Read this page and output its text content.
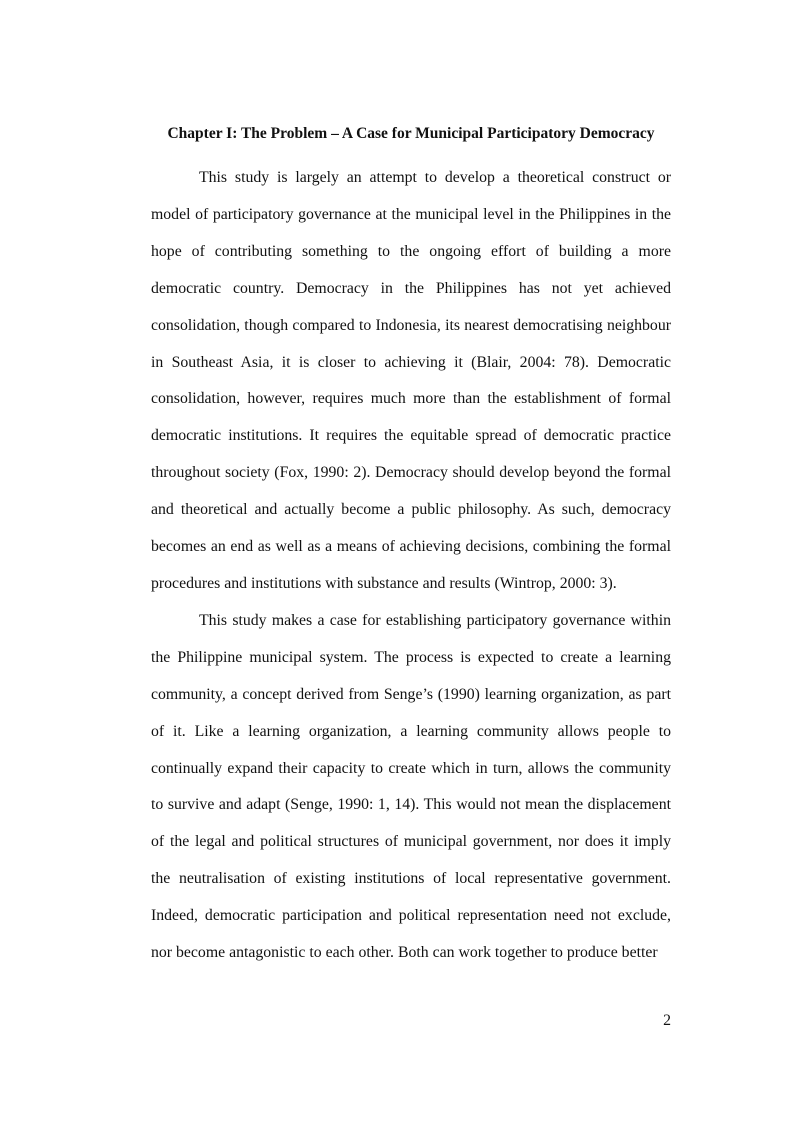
Chapter I: The Problem – A Case for Municipal Participatory Democracy

This study is largely an attempt to develop a theoretical construct or model of participatory governance at the municipal level in the Philippines in the hope of contributing something to the ongoing effort of building a more democratic country. Democracy in the Philippines has not yet achieved consolidation, though compared to Indonesia, its nearest democratising neighbour in Southeast Asia, it is closer to achieving it (Blair, 2004: 78). Democratic consolidation, however, requires much more than the establishment of formal democratic institutions. It requires the equitable spread of democratic practice throughout society (Fox, 1990: 2). Democracy should develop beyond the formal and theoretical and actually become a public philosophy. As such, democracy becomes an end as well as a means of achieving decisions, combining the formal procedures and institutions with substance and results (Wintrop, 2000: 3).

This study makes a case for establishing participatory governance within the Philippine municipal system. The process is expected to create a learning community, a concept derived from Senge’s (1990) learning organization, as part of it. Like a learning organization, a learning community allows people to continually expand their capacity to create which in turn, allows the community to survive and adapt (Senge, 1990: 1, 14). This would not mean the displacement of the legal and political structures of municipal government, nor does it imply the neutralisation of existing institutions of local representative government. Indeed, democratic participation and political representation need not exclude, nor become antagonistic to each other. Both can work together to produce better

2
